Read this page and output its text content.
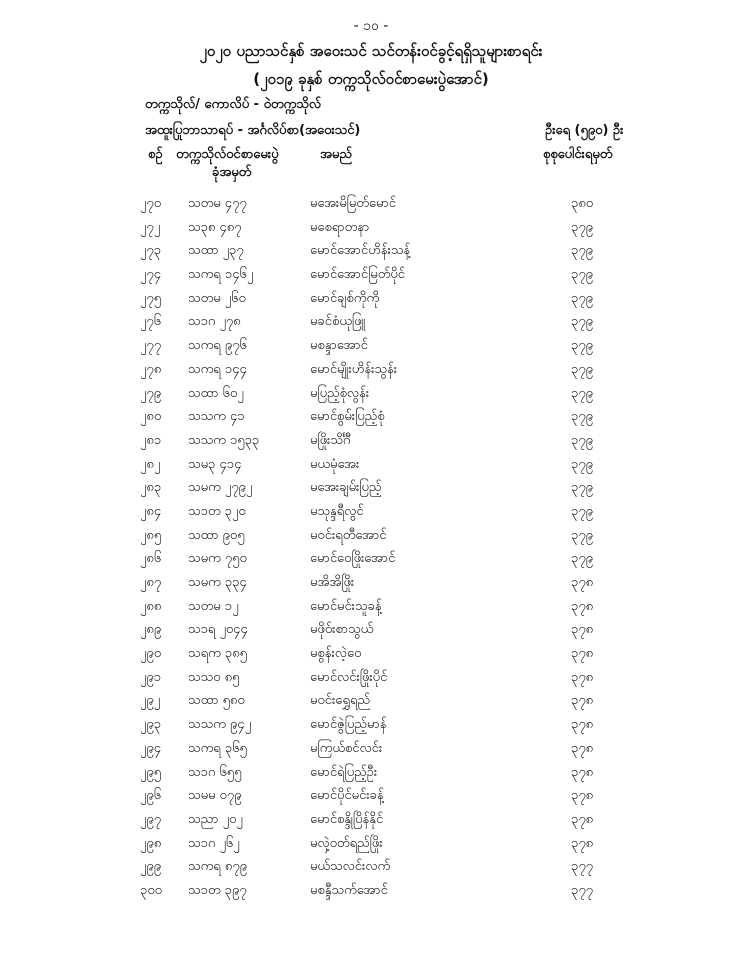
- ၁၀ -
၂၀၂၀ ပညာသင်နှစ် အဝေးသင် သင်တန်းဝင်ခွင့်ရရှိသူများစာရင်း
(၂၀၁၉ ခုနှစ် တက္ကသိုလ်ဝင်စာမေးပွဲအောင်)
တက္ကသိုလ်/ ကောလိပ် - ဝဲတက္ကသိုလ်
အထူးပြုဘာသာရပ် - အင်္ဂလိပ်စာ(အဝေးသင်)	ဦးရေ (၅၉၀) ဦး
စဉ် တက္ကသိုလ်ဝင်စာမေးပွဲ
ခုံအမှတ်
အမည်	စုစုပေါင်းရမှတ်
၂၇၀	သတမ ၄၇၇	မအေးမိမြတ်မောင်	၃၈၀
၂၇၂	သ၃၈ ၄၈၇	မစေရာတနာ	၃၇၉
၂၇၃	သထာ ၂၃၇	မောင်အောင်ဟိန်းသန့်	၃၇၉
၂၇၄	သကရ ၁၄၆၂	မောင်အောင်မြတ်ပိုင်	၃၇၉
၂၇၅	သတမ ၂၆၀	မောင်ချစ်ကိုကို	၃၇၉
၂၇၆	သ၁ဂ ၂၇၈	မခင်စံယုဖြူ	၃၇၉
၂၇၇	သကရ ၉၇၆	မစန္ဒာအောင်	၃၇၉
၂၇၈	သကရ ၁၄၄	မောင်မျိုးဟိန်းသွန်း	၃၇၉
၂၇၉	သထာ ၆၀၂	မပြည့်စုံလွန်း	၃၇၉
၂၈၀	သသက ၄၁	မောင်စွမ်းပြည့်စုံ	၃၇၉
၂၈၁	သသက ၁၅၃၃	မဖြိုးသိင်္ဂီ	၃၇၉
၂၈၂	သမ၃ ၄၁၄	မယမုံအေး	၃၇၉
၂၈၃	သမက ၂၇၉၂	မအေးချမ်းပြည့်	၃၇၉
၂၈၄	သ၁တ ၃၂၀	မသုန္ဒရီလွင်	၃၇၉
၂၈၅	သထာ ၉၀၅	မဝင်းရတီအောင်	၃၇၉
၂၈၆	သမက ၇၅၀	မောင်ဝေဖြိုးအောင်	၃၇၉
၂၈၇	သမက ၃၃၄	မအိအိဖြိုး	၃၇၈
၂၈၈	သတမ ၁၂	မောင်မင်းသူခန့်	၃၇၈
၂၈၉	သ၁ရ ၂၀၄၄	မဖိုဝ်းစာသွယ်	၃၇၈
၂၉၀	သရက ၃၈၅	မစွန်းလဲ့ဝေ	၃၇၈
၂၉၁	သသ၀ ၈၅	မောင်လင်းဖြိုးပိုင်	၃၇၈
၂၉၂	သထာ ၅၈၀	မဝင်းရွှေရည်	၃၇၈
၂၉၃	သသက ၉၄၂	မောင်ဇွဲပြည့်မာန်	၃၇၈
၂၉၄	သကရ ၃၆၅	မကြယ်စင်လင်း	၃၇၈
၂၉၅	သ၁ဂ ၆၅၅	မောင်ရဲပြည့်ဦး	၃၇၈
၂၉၆	သမမ ၀၇၉	မောင်ပိုင်မင်းခန့်	၃၇၈
၂၉၇	သညာ ၂၀၂	မောင်စန္ဒိုပြိန်နိုင်	၃၇၈
၂၉၈	သ၁ဂ ၂၆၂	မလှဲ့ဝတ်ရည်ဖြိုး	၃၇၈
၂၉၉	သကရ ၈၇၉	မယ်သလင်းလက်	၃၇၇
၃၀၀	သ၁တ ၃၉၇	မစန္ဒီသက်အောင်	၃၇၇
